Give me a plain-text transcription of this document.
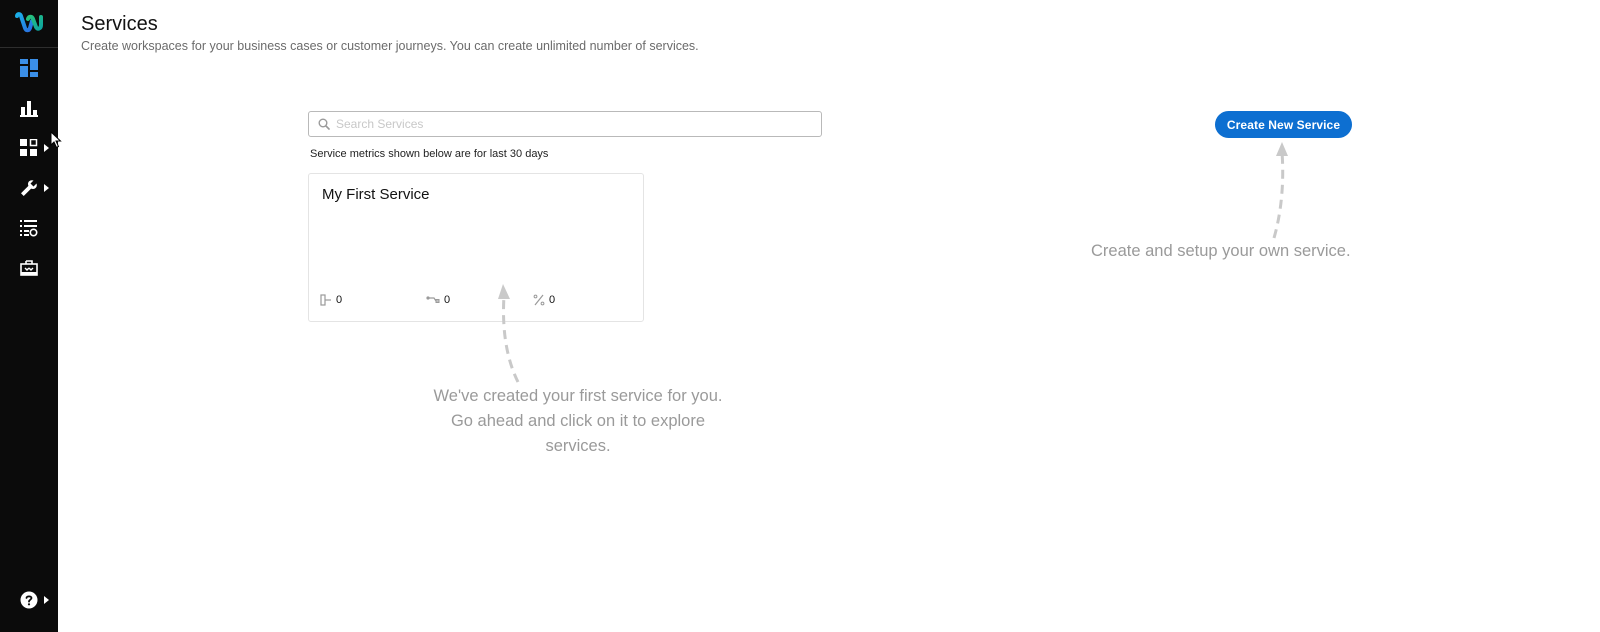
Services
Create workspaces for your business cases or customer journeys. You can create unlimited number of services.
Search Services
Service metrics shown below are for last 30 days
My First Service
0	0	0
Create New Service
Create and setup your own service.
We've created your first service for you.
Go ahead and click on it to explore
services.
